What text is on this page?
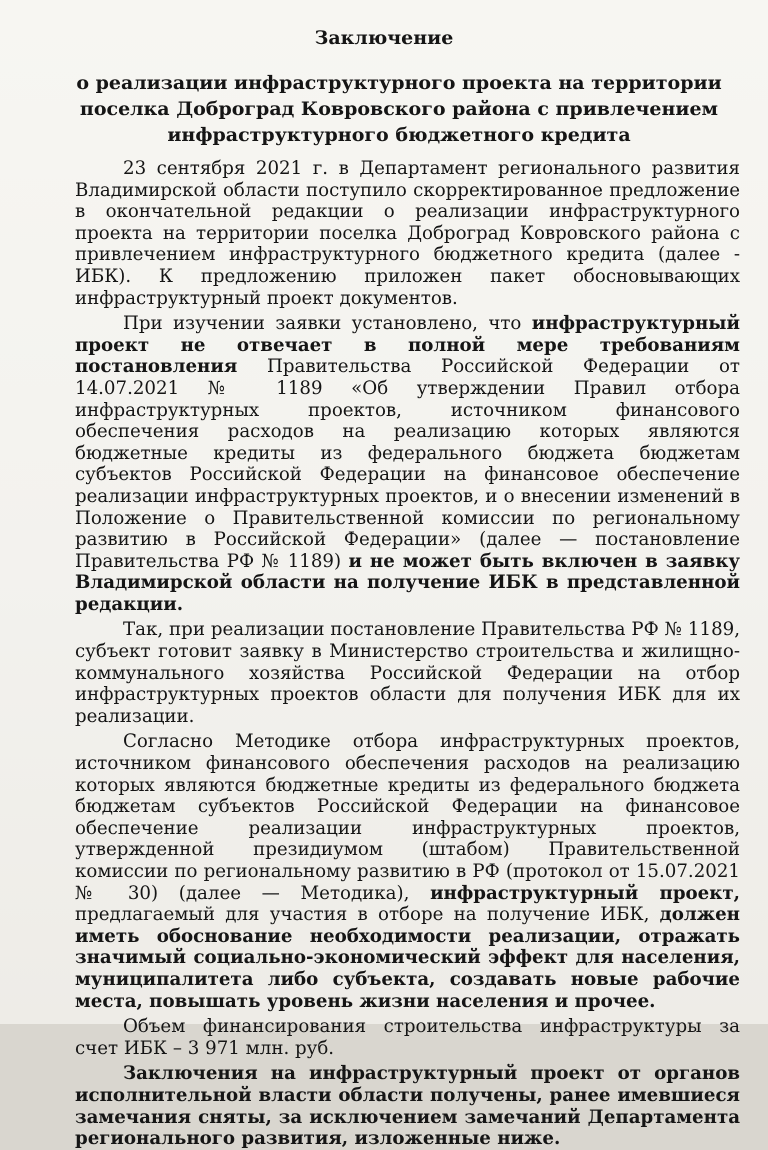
Заключение
о реализации инфраструктурного проекта на территории поселка Доброград Ковровского района с привлечением инфраструктурного бюджетного кредита

23 сентября 2021 г. в Департамент регионального развития Владимирской области поступило скорректированное предложение в окончательной редакции о реализации инфраструктурного проекта на территории поселка Доброград Ковровского района с привлечением инфраструктурного бюджетного кредита (далее - ИБК). К предложению приложен пакет обосновывающих инфраструктурный проект документов.

При изучении заявки установлено, что инфраструктурный проект не отвечает в полной мере требованиям постановления Правительства Российской Федерации от 14.07.2021 № 1189 «Об утверждении Правил отбора инфраструктурных проектов, источником финансового обеспечения расходов на реализацию которых являются бюджетные кредиты из федерального бюджета бюджетам субъектов Российской Федерации на финансовое обеспечение реализации инфраструктурных проектов, и о внесении изменений в Положение о Правительственной комиссии по региональному развитию в Российской Федерации» (далее — постановление Правительства РФ № 1189) и не может быть включен в заявку Владимирской области на получение ИБК в представленной редакции.

Так, при реализации постановление Правительства РФ № 1189, субъект готовит заявку в Министерство строительства и жилищно-коммунального хозяйства Российской Федерации на отбор инфраструктурных проектов области для получения ИБК для их реализации.

Согласно Методике отбора инфраструктурных проектов, источником финансового обеспечения расходов на реализацию которых являются бюджетные кредиты из федерального бюджета бюджетам субъектов Российской Федерации на финансовое обеспечение реализации инфраструктурных проектов, утвержденной президиумом (штабом) Правительственной комиссии по региональному развитию в РФ (протокол от 15.07.2021 № 30) (далее — Методика), инфраструктурный проект, предлагаемый для участия в отборе на получение ИБК, должен иметь обоснование необходимости реализации, отражать значимый социально-экономический эффект для населения, муниципалитета либо субъекта, создавать новые рабочие места, повышать уровень жизни населения и прочее.

Объем финансирования строительства инфраструктуры за счет ИБК – 3 971 млн. руб.

Заключения на инфраструктурный проект от органов исполнительной власти области получены, ранее имевшиеся замечания сняты, за исключением замечаний Департамента регионального развития, изложенные ниже.
